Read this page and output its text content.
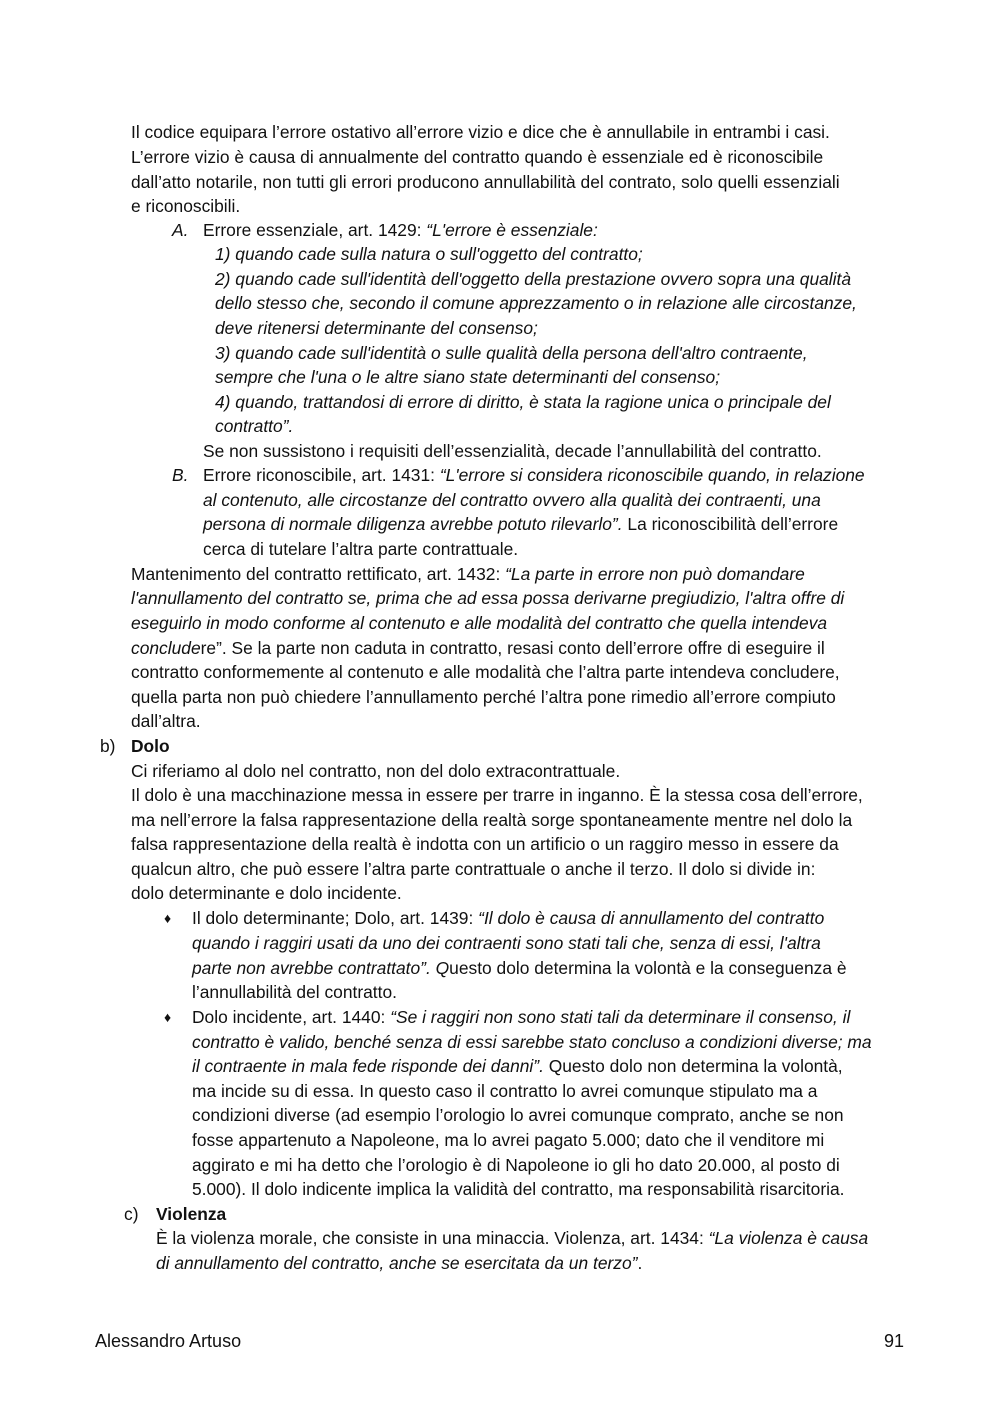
Il codice equipara l’errore ostativo all’errore vizio e dice che è annullabile in entrambi i casi.
L’errore vizio è causa di annualmente del contratto quando è essenziale ed è riconoscibile
dall’atto notarile, non tutti gli errori producono annullabilità del contrato, solo quelli essenziali
e riconoscibili.
A. Errore essenziale, art. 1429: “L'errore è essenziale:
1) quando cade sulla natura o sull'oggetto del contratto;
2) quando cade sull'identità dell'oggetto della prestazione ovvero sopra una qualità
dello stesso che, secondo il comune apprezzamento o in relazione alle circostanze,
deve ritenersi determinante del consenso;
3) quando cade sull'identità o sulle qualità della persona dell'altro contraente,
sempre che l'una o le altre siano state determinanti del consenso;
4) quando, trattandosi di errore di diritto, è stata la ragione unica o principale del
contratto”.
Se non sussistono i requisiti dell’essenzialità, decade l’annullabilità del contratto.
B. Errore riconoscibile, art. 1431: “L'errore si considera riconoscibile quando, in relazione
al contenuto, alle circostanze del contratto ovvero alla qualità dei contraenti, una
persona di normale diligenza avrebbe potuto rilevarlo”. La riconoscibilità dell’errore
cerca di tutelare l’altra parte contrattuale.
Mantenimento del contratto rettificato, art. 1432: “La parte in errore non può domandare
l'annullamento del contratto se, prima che ad essa possa derivarne pregiudizio, l'altra offre di
eseguirlo in modo conforme al contenuto e alle modalità del contratto che quella intendeva
concludere”. Se la parte non caduta in contratto, resasi conto dell’errore offre di eseguire il
contratto conformemente al contenuto e alle modalità che l’altra parte intendeva concludere,
quella parta non può chiedere l’annullamento perché l’altra pone rimedio all’errore compiuto
dall’altra.
b) Dolo
Ci riferiamo al dolo nel contratto, non del dolo extracontrattuale.
Il dolo è una macchinazione messa in essere per trarre in inganno. È la stessa cosa dell’errore,
ma nell’errore la falsa rappresentazione della realtà sorge spontaneamente mentre nel dolo la
falsa rappresentazione della realtà è indotta con un artificio o un raggiro messo in essere da
qualcun altro, che può essere l’altra parte contrattuale o anche il terzo. Il dolo si divide in:
dolo determinante e dolo incidente.
♦ Il dolo determinante; Dolo, art. 1439: “Il dolo è causa di annullamento del contratto
quando i raggiri usati da uno dei contraenti sono stati tali che, senza di essi, l'altra
parte non avrebbe contrattato”. Questo dolo determina la volontà e la conseguenza è
l’annullabilità del contratto.
♦ Dolo incidente, art. 1440: “Se i raggiri non sono stati tali da determinare il consenso, il
contratto è valido, benché senza di essi sarebbe stato concluso a condizioni diverse; ma
il contraente in mala fede risponde dei danni”. Questo dolo non determina la volontà,
ma incide su di essa. In questo caso il contratto lo avrei comunque stipulato ma a
condizioni diverse (ad esempio l’orologio lo avrei comunque comprato, anche se non
fosse appartenuto a Napoleone, ma lo avrei pagato 5.000; dato che il venditore mi
aggirato e mi ha detto che l’orologio è di Napoleone io gli ho dato 20.000, al posto di
5.000). Il dolo indicente implica la validità del contratto, ma responsabilità risarcitoria.
c) Violenza
È la violenza morale, che consiste in una minaccia. Violenza, art. 1434: “La violenza è causa
di annullamento del contratto, anche se esercitata da un terzo”.
Alessandro Artuso	91
